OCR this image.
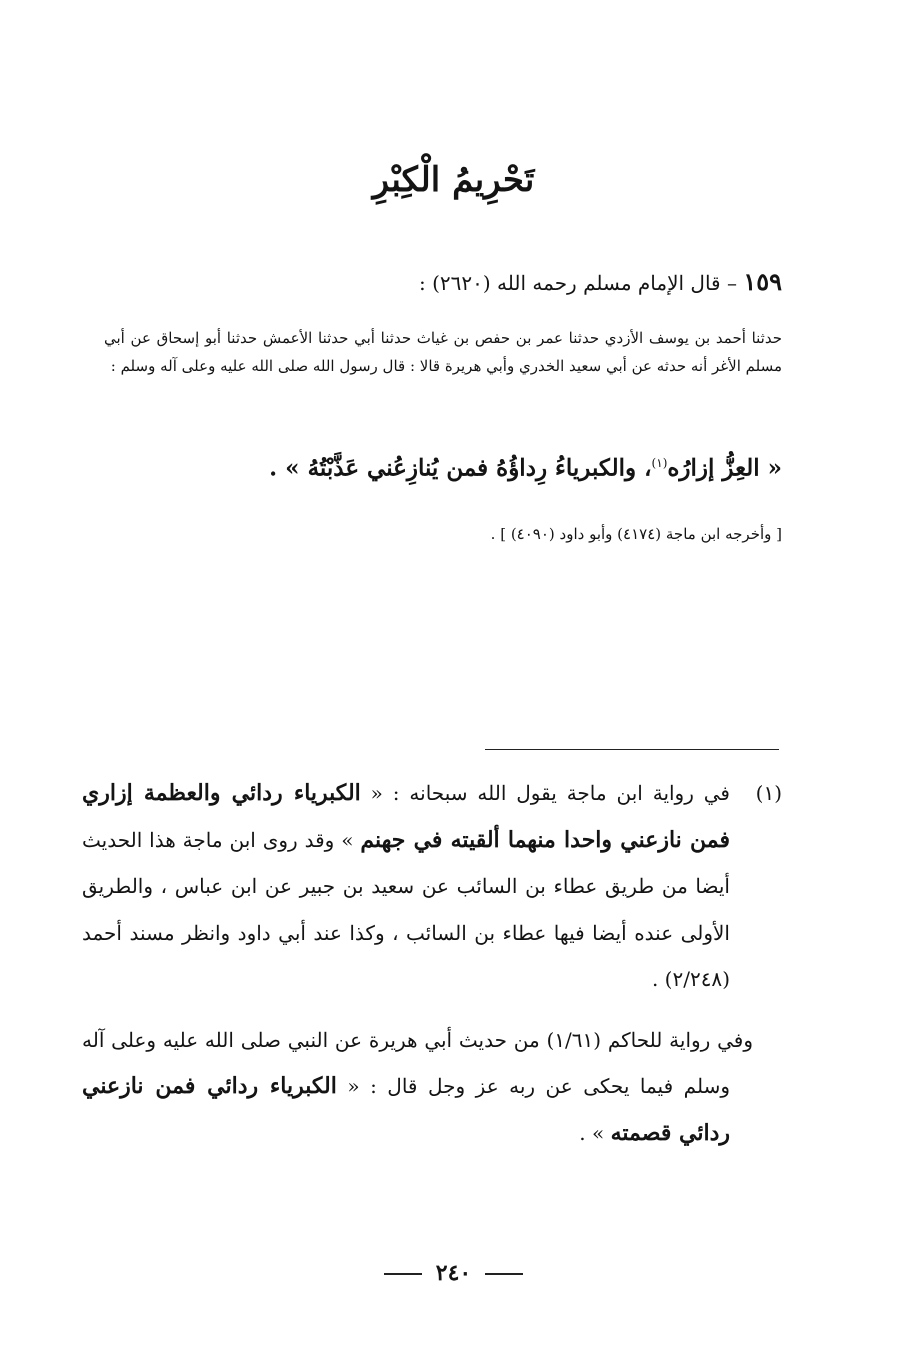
تَحْرِيمُ الْكِبْرِ

١٥٩ – قال الإمام مسلم رحمه الله (٢٦٢٠) :

حدثنا أحمد بن يوسف الأزدي حدثنا عمر بن حفص بن غياث حدثنا أبي حدثنا الأعمش حدثنا أبو إسحاق عن أبي مسلم الأغر أنه حدثه عن أبي سعيد الخدري وأبي هريرة قالا : قال رسول الله صلى الله عليه وعلى آله وسلم :

« العِزُّ إزارُه$^{(١)}$، والكبرياءُ رِداؤُهُ فمن يُنازِعُني عَذَّبْتُهُ » .

[ وأخرجه ابن ماجة (٤١٧٤) وأبو داود (٤٠٩٠) ] .

(١)
في رواية ابن ماجة يقول الله سبحانه : « الكبرياء ردائي والعظمة إزاري فمن نازعني واحدا منهما ألقيته في جهنم » وقد روى ابن ماجة هذا الحديث أيضا من طريق عطاء بن السائب عن سعيد بن جبير عن ابن عباس ، والطريق الأولى عنده أيضا فيها عطاء بن السائب ، وكذا عند أبي داود وانظر مسند أحمد (٢/٢٤٨) .

وفي رواية للحاكم (١/٦١) من حديث أبي هريرة عن النبي صلى الله عليه وعلى آله وسلم فيما يحكى عن ربه عز وجل قال : « الكبرياء ردائي فمن نازعني ردائي قصمته » .

٢٤٠
